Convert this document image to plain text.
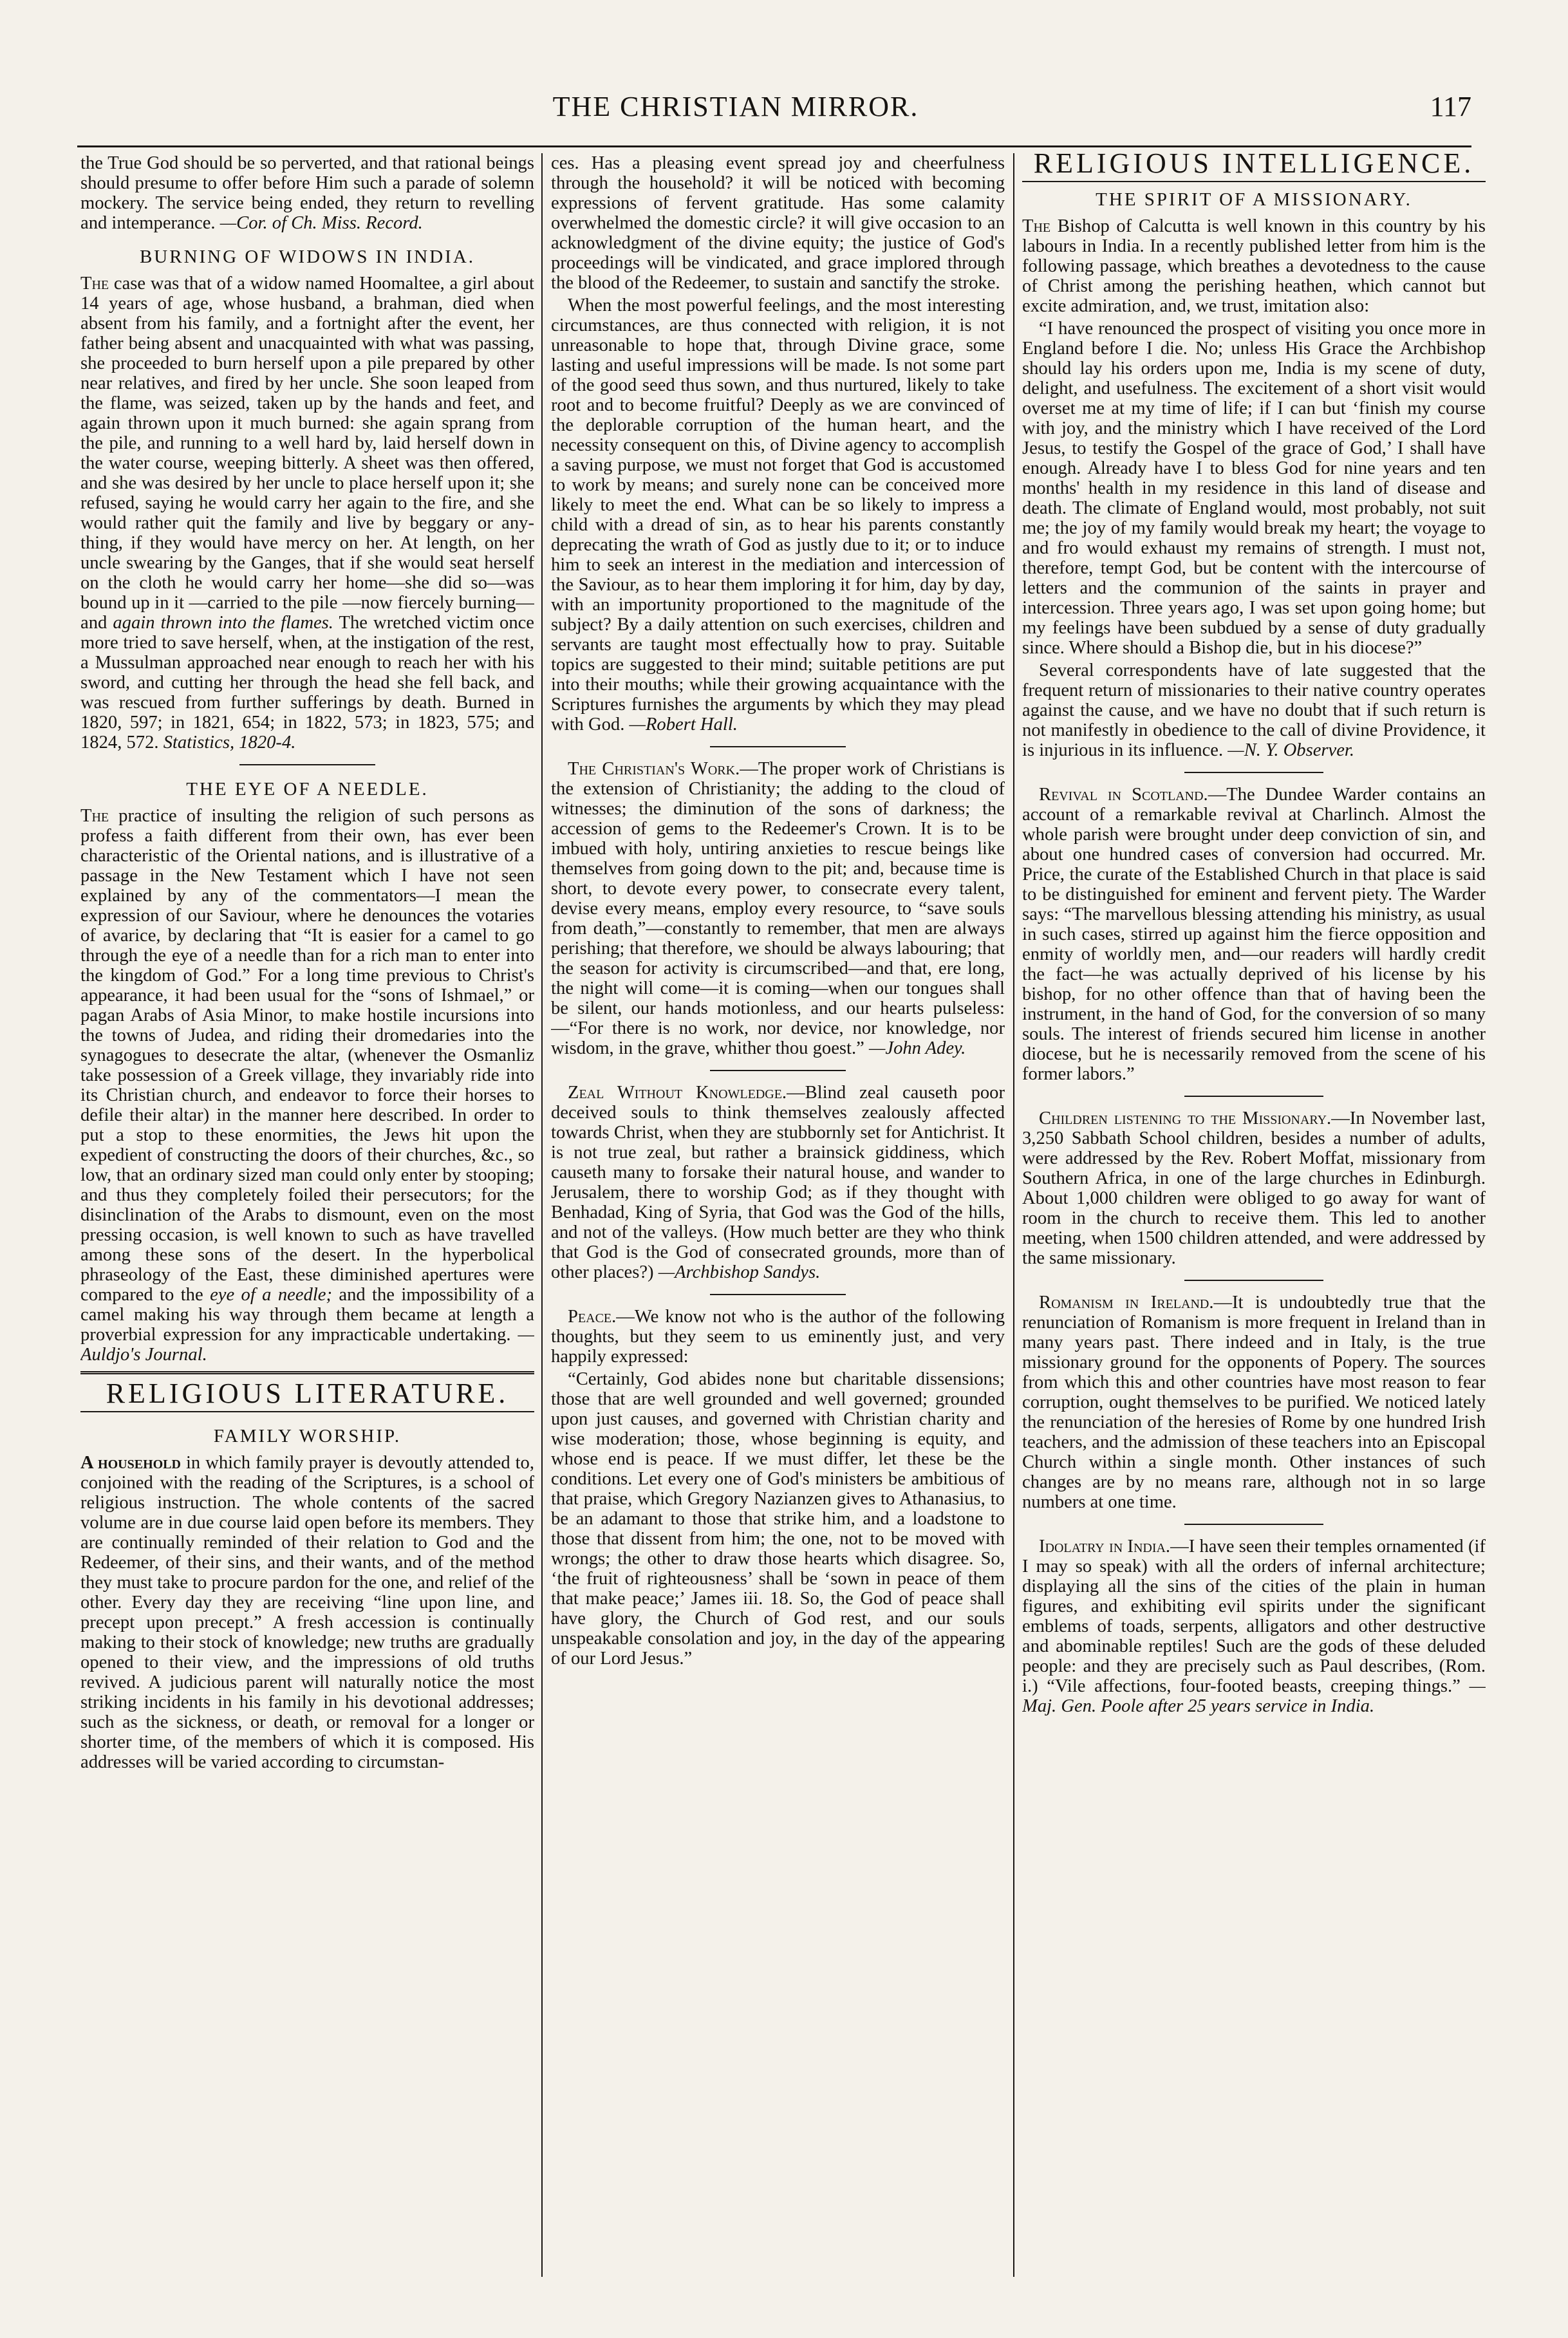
THE CHRISTIAN MIRROR.	117

the True God should be so perverted, and that rational beings should presume to offer before Him such a parade of solemn mockery. The service being ended, they return to revelling and intemperance. —Cor. of Ch. Miss. Record.

BURNING OF WIDOWS IN INDIA.

The case was that of a widow named Hoomaltee, a girl about 14 years of age, whose husband, a brahman, died when absent from his family, and a fortnight after the event, her father being absent and unacquainted with what was passing, she proceeded to burn herself upon a pile prepared by other near relatives, and fired by her uncle. She soon leaped from the flame, was seized, taken up by the hands and feet, and again thrown upon it much burned: she again sprang from the pile, and running to a well hard by, laid herself down in the water course, weeping bitterly. A sheet was then offered, and she was desired by her uncle to place herself upon it; she refused, saying he would carry her again to the fire, and she would rather quit the family and live by beggary or any-thing, if they would have mercy on her. At length, on her uncle swearing by the Ganges, that if she would seat herself on the cloth he would carry her home—she did so—was bound up in it —carried to the pile —now fiercely burning—and again thrown into the flames. The wretched victim once more tried to save herself, when, at the instigation of the rest, a Mussulman approached near enough to reach her with his sword, and cutting her through the head she fell back, and was rescued from further sufferings by death. Burned in 1820, 597; in 1821, 654; in 1822, 573; in 1823, 575; and 1824, 572. Statistics, 1820-4.

THE EYE OF A NEEDLE.

The practice of insulting the religion of such persons as profess a faith different from their own, has ever been characteristic of the Oriental nations, and is illustrative of a passage in the New Testament which I have not seen explained by any of the commentators—I mean the expression of our Saviour, where he denounces the votaries of avarice, by declaring that “It is easier for a camel to go through the eye of a needle than for a rich man to enter into the kingdom of God.” For a long time previous to Christ's appearance, it had been usual for the “sons of Ishmael,” or pagan Arabs of Asia Minor, to make hostile incursions into the towns of Judea, and riding their dromedaries into the synagogues to desecrate the altar, (whenever the Osmanliz take possession of a Greek village, they invariably ride into its Christian church, and endeavor to force their horses to defile their altar) in the manner here described. In order to put a stop to these enormities, the Jews hit upon the expedient of constructing the doors of their churches, &c., so low, that an ordinary sized man could only enter by stooping; and thus they completely foiled their persecutors; for the disinclination of the Arabs to dismount, even on the most pressing occasion, is well known to such as have travelled among these sons of the desert. In the hyperbolical phraseology of the East, these diminished apertures were compared to the eye of a needle; and the impossibility of a camel making his way through them became at length a proverbial expression for any impracticable undertaking. —Auldjo's Journal.

RELIGIOUS LITERATURE.
FAMILY WORSHIP.

A household in which family prayer is devoutly attended to, conjoined with the reading of the Scriptures, is a school of religious instruction. The whole contents of the sacred volume are in due course laid open before its members. They are continually reminded of their relation to God and the Redeemer, of their sins, and their wants, and of the method they must take to procure pardon for the one, and relief of the other. Every day they are receiving “line upon line, and precept upon precept.” A fresh accession is continually making to their stock of knowledge; new truths are gradually opened to their view, and the impressions of old truths revived. A judicious parent will naturally notice the most striking incidents in his family in his devotional addresses; such as the sickness, or death, or removal for a longer or shorter time, of the members of which it is composed. His addresses will be varied according to circumstan-

ces. Has a pleasing event spread joy and cheerfulness through the household? it will be noticed with becoming expressions of fervent gratitude. Has some calamity overwhelmed the domestic circle? it will give occasion to an acknowledgment of the divine equity; the justice of God's proceedings will be vindicated, and grace implored through the blood of the Redeemer, to sustain and sanctify the stroke.

When the most powerful feelings, and the most interesting circumstances, are thus connected with religion, it is not unreasonable to hope that, through Divine grace, some lasting and useful impressions will be made. Is not some part of the good seed thus sown, and thus nurtured, likely to take root and to become fruitful? Deeply as we are convinced of the deplorable corruption of the human heart, and the necessity consequent on this, of Divine agency to accomplish a saving purpose, we must not forget that God is accustomed to work by means; and surely none can be conceived more likely to meet the end. What can be so likely to impress a child with a dread of sin, as to hear his parents constantly deprecating the wrath of God as justly due to it; or to induce him to seek an interest in the mediation and intercession of the Saviour, as to hear them imploring it for him, day by day, with an importunity proportioned to the magnitude of the subject? By a daily attention on such exercises, children and servants are taught most effectually how to pray. Suitable topics are suggested to their mind; suitable petitions are put into their mouths; while their growing acquaintance with the Scriptures furnishes the arguments by which they may plead with God. —Robert Hall.

The Christian's Work.—The proper work of Christians is the extension of Christianity; the adding to the cloud of witnesses; the diminution of the sons of darkness; the accession of gems to the Redeemer's Crown. It is to be imbued with holy, untiring anxieties to rescue beings like themselves from going down to the pit; and, because time is short, to devote every power, to consecrate every talent, devise every means, employ every resource, to “save souls from death,”—constantly to remember, that men are always perishing; that therefore, we should be always labouring; that the season for activity is circumscribed—and that, ere long, the night will come—it is coming—when our tongues shall be silent, our hands motionless, and our hearts pulseless:—“For there is no work, nor device, nor knowledge, nor wisdom, in the grave, whither thou goest.” —John Adey.

Zeal Without Knowledge.—Blind zeal causeth poor deceived souls to think themselves zealously affected towards Christ, when they are stubbornly set for Antichrist. It is not true zeal, but rather a brainsick giddiness, which causeth many to forsake their natural house, and wander to Jerusalem, there to worship God; as if they thought with Benhadad, King of Syria, that God was the God of the hills, and not of the valleys. (How much better are they who think that God is the God of consecrated grounds, more than of other places?) —Archbishop Sandys.

Peace.—We know not who is the author of the following thoughts, but they seem to us eminently just, and very happily expressed:

“Certainly, God abides none but charitable dissensions; those that are well grounded and well governed; grounded upon just causes, and governed with Christian charity and wise moderation; those, whose beginning is equity, and whose end is peace. If we must differ, let these be the conditions. Let every one of God's ministers be ambitious of that praise, which Gregory Nazianzen gives to Athanasius, to be an adamant to those that strike him, and a loadstone to those that dissent from him; the one, not to be moved with wrongs; the other to draw those hearts which disagree. So, ‘the fruit of righteousness’ shall be ‘sown in peace of them that make peace;’ James iii. 18. So, the God of peace shall have glory, the Church of God rest, and our souls unspeakable consolation and joy, in the day of the appearing of our Lord Jesus.”

RELIGIOUS INTELLIGENCE.
THE SPIRIT OF A MISSIONARY.

The Bishop of Calcutta is well known in this country by his labours in India. In a recently published letter from him is the following passage, which breathes a devotedness to the cause of Christ among the perishing heathen, which cannot but excite admiration, and, we trust, imitation also:

“I have renounced the prospect of visiting you once more in England before I die. No; unless His Grace the Archbishop should lay his orders upon me, India is my scene of duty, delight, and usefulness. The excitement of a short visit would overset me at my time of life; if I can but ‘finish my course with joy, and the ministry which I have received of the Lord Jesus, to testify the Gospel of the grace of God,’ I shall have enough. Already have I to bless God for nine years and ten months' health in my residence in this land of disease and death. The climate of England would, most probably, not suit me; the joy of my family would break my heart; the voyage to and fro would exhaust my remains of strength. I must not, therefore, tempt God, but be content with the intercourse of letters and the communion of the saints in prayer and intercession. Three years ago, I was set upon going home; but my feelings have been subdued by a sense of duty gradually since. Where should a Bishop die, but in his diocese?”

Several correspondents have of late suggested that the frequent return of missionaries to their native country operates against the cause, and we have no doubt that if such return is not manifestly in obedience to the call of divine Providence, it is injurious in its influence. —N. Y. Observer.

Revival in Scotland.—The Dundee Warder contains an account of a remarkable revival at Charlinch. Almost the whole parish were brought under deep conviction of sin, and about one hundred cases of conversion had occurred. Mr. Price, the curate of the Established Church in that place is said to be distinguished for eminent and fervent piety. The Warder says: “The marvellous blessing attending his ministry, as usual in such cases, stirred up against him the fierce opposition and enmity of worldly men, and—our readers will hardly credit the fact—he was actually deprived of his license by his bishop, for no other offence than that of having been the instrument, in the hand of God, for the conversion of so many souls. The interest of friends secured him license in another diocese, but he is necessarily removed from the scene of his former labors.”

Children listening to the Missionary.—In November last, 3,250 Sabbath School children, besides a number of adults, were addressed by the Rev. Robert Moffat, missionary from Southern Africa, in one of the large churches in Edinburgh. About 1,000 children were obliged to go away for want of room in the church to receive them. This led to another meeting, when 1500 children attended, and were addressed by the same missionary.

Romanism in Ireland.—It is undoubtedly true that the renunciation of Romanism is more frequent in Ireland than in many years past. There indeed and in Italy, is the true missionary ground for the opponents of Popery. The sources from which this and other countries have most reason to fear corruption, ought themselves to be purified. We noticed lately the renunciation of the heresies of Rome by one hundred Irish teachers, and the admission of these teachers into an Episcopal Church within a single month. Other instances of such changes are by no means rare, although not in so large numbers at one time.

Idolatry in India.—I have seen their temples ornamented (if I may so speak) with all the orders of infernal architecture; displaying all the sins of the cities of the plain in human figures, and exhibiting evil spirits under the significant emblems of toads, serpents, alligators and other destructive and abominable reptiles! Such are the gods of these deluded people: and they are precisely such as Paul describes, (Rom. i.) “Vile affections, four-footed beasts, creeping things.” —Maj. Gen. Poole after 25 years service in India.
